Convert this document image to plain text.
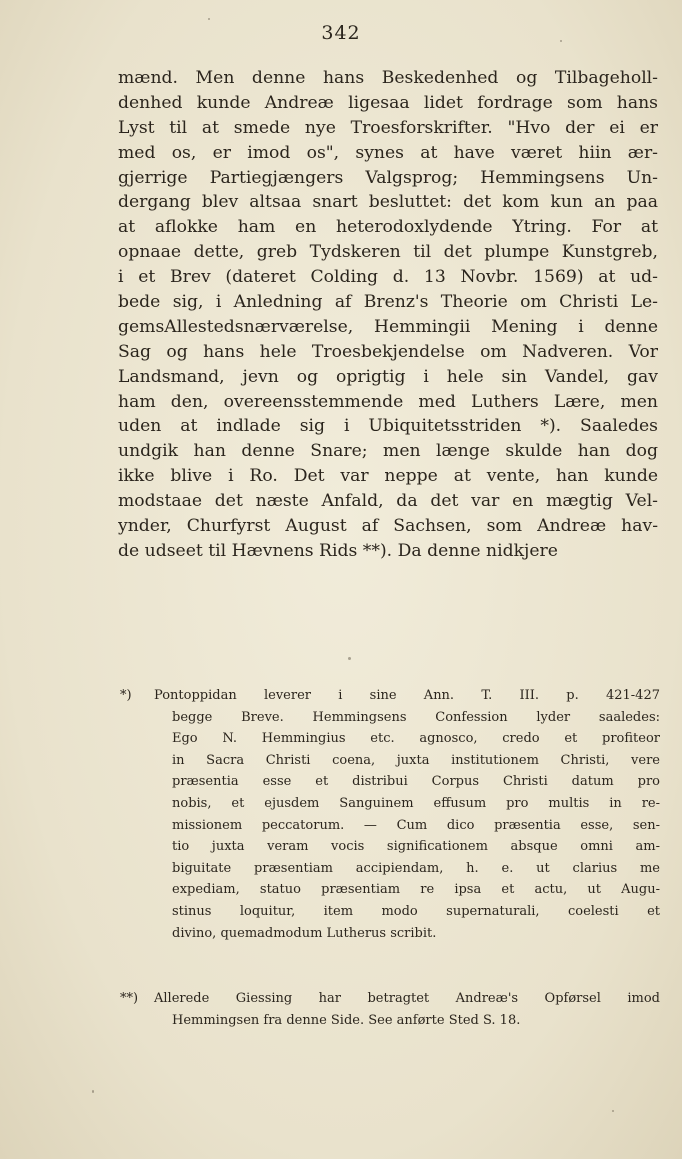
342
mænd. Men denne hans Beskedenhed og Tilbageholl-
denhed kunde Andreæ ligesaa lidet fordrage som hans
Lyst til at smede nye Troesforskrifter. "Hvo der ei er
med os, er imod os", synes at have været hiin ær-
gjerrige Partiegjængers Valgsprog; Hemmingsens Un-
dergang blev altsaa snart besluttet: det kom kun an paa
at aflokke ham en heterodoxlydende Ytring. For at
opnaae dette, greb Tydskeren til det plumpe Kunstgreb,
i et Brev (dateret Colding d. 13 Novbr. 1569) at ud-
bede sig, i Anledning af Brenz's Theorie om Christi Le-
gemsAllestedsnærværelse, Hemmingii Mening i denne
Sag og hans hele Troesbekjendelse om Nadveren. Vor
Landsmand, jevn og oprigtig i hele sin Vandel, gav
ham den, overeensstemmende med Luthers Lære, men
uden at indlade sig i Ubiquitetsstriden *). Saaledes
undgik han denne Snare; men længe skulde han dog
ikke blive i Ro. Det var neppe at vente, han kunde
modstaae det næste Anfald, da det var en mægtig Vel-
ynder, Churfyrst August af Sachsen, som Andreæ hav-
de udseet til Hævnens Rids **). Da denne nidkjere
*) Pontoppidan leverer i sine Ann. T. III. p. 421-427
begge Breve. Hemmingsens Confession lyder saaledes:
Ego N. Hemmingius etc. agnosco, credo et profiteor
in Sacra Christi coena, juxta institutionem Christi, vere
præsentia esse et distribui Corpus Christi datum pro
nobis, et ejusdem Sanguinem effusum pro multis in re-
missionem peccatorum. — Cum dico præsentia esse, sen-
tio juxta veram vocis significationem absque omni am-
biguitate præsentiam accipiendam, h. e. ut clarius me
expediam, statuo præsentiam re ipsa et actu, ut Augu-
stinus loquitur, item modo supernaturali, coelesti et
divino, quemadmodum Lutherus scribit.
**) Allerede Giessing har betragtet Andreæ's Opførsel imod
Hemmingsen fra denne Side. See anførte Sted S. 18.
